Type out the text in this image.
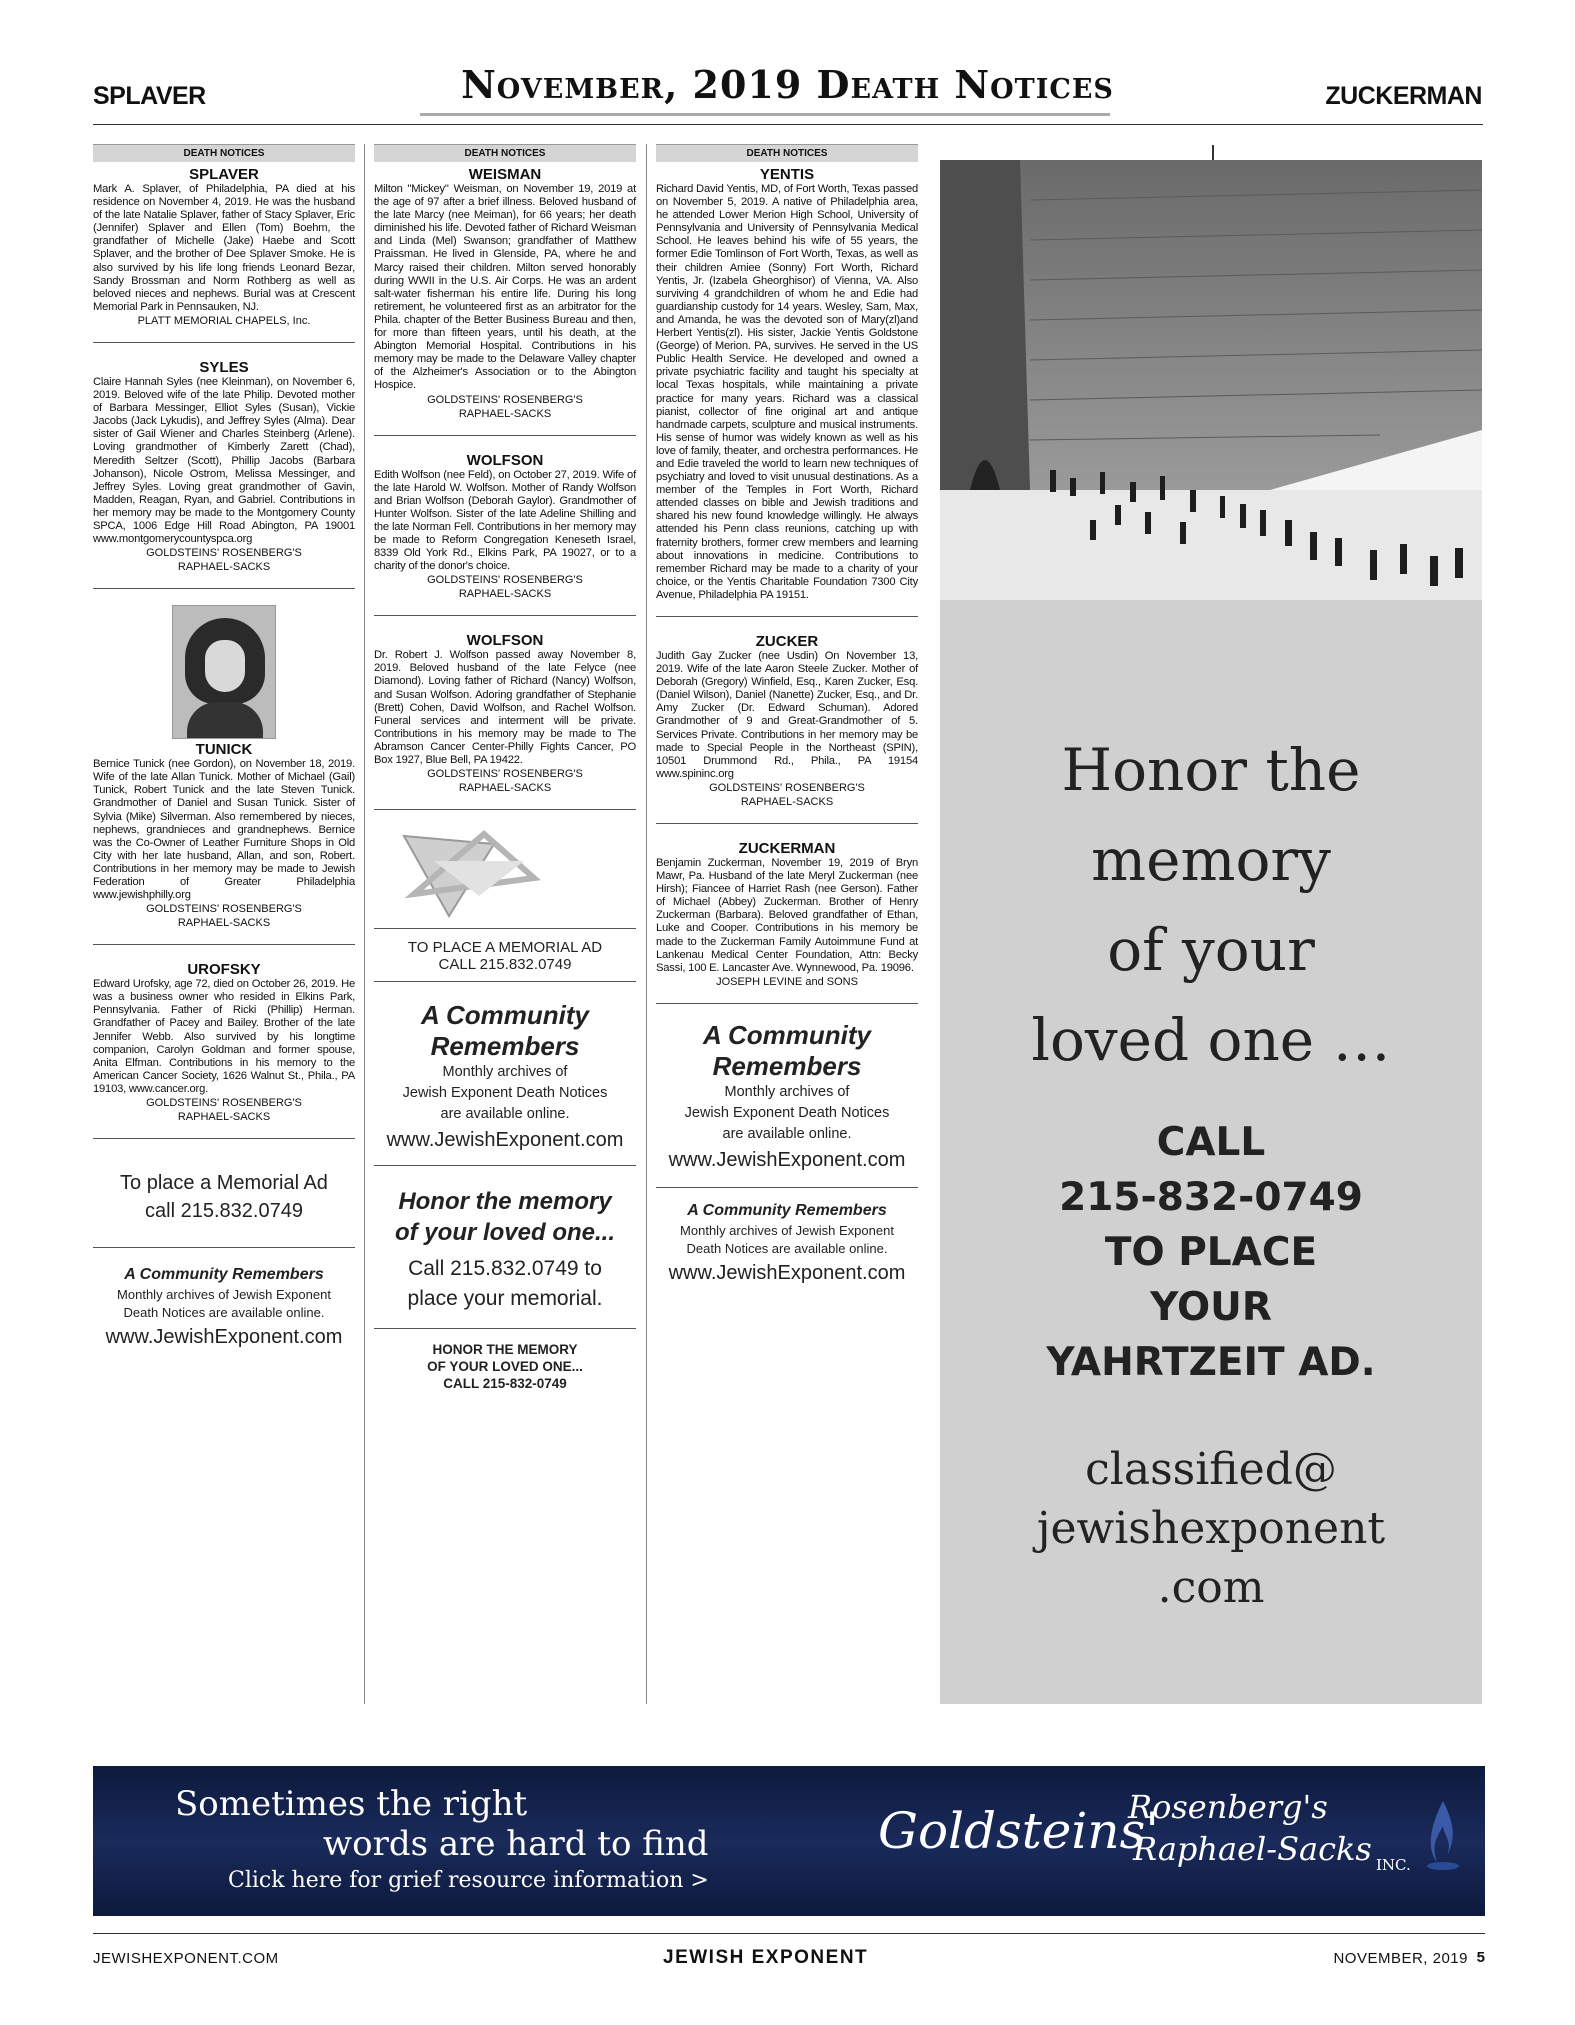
SPLAVER	November, 2019 Death Notices	ZUCKERMAN
DEATH NOTICES
SPLAVER

Mark A. Splaver, of Philadelphia, PA died at his residence on November 4, 2019. He was the husband of the late Natalie Splaver, father of Stacy Splaver, Eric (Jennifer) Splaver and Ellen (Tom) Boehm, the grandfather of Michelle (Jake) Haebe and Scott Splaver, and the brother of Dee Splaver Smoke. He is also survived by his life long friends Leonard Bezar, Sandy Brossman and Norm Rothberg as well as beloved nieces and nephews. Burial was at Crescent Memorial Park in Pennsauken, NJ.

PLATT MEMORIAL CHAPELS, Inc.
SYLES

Claire Hannah Syles (nee Kleinman), on November 6, 2019. Beloved wife of the late Philip. Devoted mother of Barbara Messinger, Elliot Syles (Susan), Vickie Jacobs (Jack Lykudis), and Jeffrey Syles (Alma). Dear sister of Gail Wiener and Charles Steinberg (Arlene). Loving grandmother of Kimberly Zarett (Chad), Meredith Seltzer (Scott), Phillip Jacobs (Barbara Johanson), Nicole Ostrom, Melissa Messinger, and Jeffrey Syles. Loving great grandmother of Gavin, Madden, Reagan, Ryan, and Gabriel. Contributions in her memory may be made to the Montgomery County SPCA, 1006 Edge Hill Road Abington, PA 19001 www.montgomerycountyspca.org

GOLDSTEINS' ROSENBERG'S
RAPHAEL-SACKS
TUNICK

Bernice Tunick (nee Gordon), on November 18, 2019. Wife of the late Allan Tunick. Mother of Michael (Gail) Tunick, Robert Tunick and the late Steven Tunick. Grandmother of Daniel and Susan Tunick. Sister of Sylvia (Mike) Silverman. Also remembered by nieces, nephews, grandnieces and grandnephews. Bernice was the Co-Owner of Leather Furniture Shops in Old City with her late husband, Allan, and son, Robert. Contributions in her memory may be made to Jewish Federation of Greater Philadelphia www.jewishphilly.org

GOLDSTEINS' ROSENBERG'S
RAPHAEL-SACKS
UROFSKY

Edward Urofsky, age 72, died on October 26, 2019. He was a business owner who resided in Elkins Park, Pennsylvania. Father of Ricki (Phillip) Herman. Grandfather of Pacey and Bailey. Brother of the late Jennifer Webb. Also survived by his longtime companion, Carolyn Goldman and former spouse, Anita Elfman. Contributions in his memory to the American Cancer Society, 1626 Walnut St., Phila., PA 19103, www.cancer.org.

GOLDSTEINS' ROSENBERG'S
RAPHAEL-SACKS
To place a Memorial Ad
call 215.832.0749
A Community Remembers
Monthly archives of Jewish Exponent
Death Notices are available online.
www.JewishExponent.com
DEATH NOTICES
WEISMAN

Milton "Mickey" Weisman, on November 19, 2019 at the age of 97 after a brief illness. Beloved husband of the late Marcy (nee Meiman), for 66 years; her death diminished his life. Devoted father of Richard Weisman and Linda (Mel) Swanson; grandfather of Matthew Praissman. He lived in Glenside, PA, where he and Marcy raised their children. Milton served honorably during WWII in the U.S. Air Corps. He was an ardent salt-water fisherman his entire life. During his long retirement, he volunteered first as an arbitrator for the Phila. chapter of the Better Business Bureau and then, for more than fifteen years, until his death, at the Abington Memorial Hospital. Contributions in his memory may be made to the Delaware Valley chapter of the Alzheimer's Association or to the Abington Hospice.

GOLDSTEINS' ROSENBERG'S
RAPHAEL-SACKS
WOLFSON

Edith Wolfson (nee Feld), on October 27, 2019. Wife of the late Harold W. Wolfson. Mother of Randy Wolfson and Brian Wolfson (Deborah Gaylor). Grandmother of Hunter Wolfson. Sister of the late Adeline Shilling and the late Norman Fell. Contributions in her memory may be made to Reform Congregation Keneseth Israel, 8339 Old York Rd., Elkins Park, PA 19027, or to a charity of the donor's choice.

GOLDSTEINS' ROSENBERG'S
RAPHAEL-SACKS
WOLFSON

Dr. Robert J. Wolfson passed away November 8, 2019. Beloved husband of the late Felyce (nee Diamond). Loving father of Richard (Nancy) Wolfson, and Susan Wolfson. Adoring grandfather of Stephanie (Brett) Cohen, David Wolfson, and Rachel Wolfson. Funeral services and interment will be private. Contributions in his memory may be made to The Abramson Cancer Center-Philly Fights Cancer, PO Box 1927, Blue Bell, PA 19422.

GOLDSTEINS' ROSENBERG'S
RAPHAEL-SACKS
TO PLACE A MEMORIAL AD
CALL 215.832.0749
A Community
Remembers
Monthly archives of
Jewish Exponent Death Notices
are available online.
www.JewishExponent.com
Honor the memory
of your loved one...
Call 215.832.0749 to
place your memorial.
HONOR THE MEMORY
OF YOUR LOVED ONE...
CALL 215-832-0749
DEATH NOTICES
YENTIS

Richard David Yentis, MD, of Fort Worth, Texas passed on November 5, 2019. A native of Philadelphia area, he attended Lower Merion High School, University of Pennsylvania and University of Pennsylvania Medical School. He leaves behind his wife of 55 years, the former Edie Tomlinson of Fort Worth, Texas, as well as their children Amiee (Sonny) Fort Worth, Richard Yentis, Jr. (Izabela Gheorghisor) of Vienna, VA. Also surviving 4 grandchildren of whom he and Edie had guardianship custody for 14 years. Wesley, Sam, Max, and Amanda, he was the devoted son of Mary(zl)and Herbert Yentis(zl). His sister, Jackie Yentis Goldstone (George) of Merion. PA, survives. He served in the US Public Health Service. He developed and owned a private psychiatric facility and taught his specialty at local Texas hospitals, while maintaining a private practice for many years. Richard was a classical pianist, collector of fine original art and antique handmade carpets, sculpture and musical instruments. His sense of humor was widely known as well as his love of family, theater, and orchestra performances. He and Edie traveled the world to learn new techniques of psychiatry and loved to visit unusual destinations. As a member of the Temples in Fort Worth, Richard attended classes on bible and Jewish traditions and shared his new found knowledge willingly. He always attended his Penn class reunions, catching up with fraternity brothers, former crew members and learning about innovations in medicine. Contributions to remember Richard may be made to a charity of your choice, or the Yentis Charitable Foundation 7300 City Avenue, Philadelphia PA 19151.

ZUCKER

Judith Gay Zucker (nee Usdin) On November 13, 2019. Wife of the late Aaron Steele Zucker. Mother of Deborah (Gregory) Winfield, Esq., Karen Zucker, Esq. (Daniel Wilson), Daniel (Nanette) Zucker, Esq., and Dr. Amy Zucker (Dr. Edward Schuman). Adored Grandmother of 9 and Great-Grandmother of 5. Services Private. Contributions in her memory may be made to Special People in the Northeast (SPIN), 10501 Drummond Rd., Phila., PA 19154 www.spininc.org

GOLDSTEINS' ROSENBERG'S
RAPHAEL-SACKS
ZUCKERMAN

Benjamin Zuckerman, November 19, 2019 of Bryn Mawr, Pa. Husband of the late Meryl Zuckerman (nee Hirsh); Fiancee of Harriet Rash (nee Gerson). Father of Michael (Abbey) Zuckerman. Brother of Henry Zuckerman (Barbara). Beloved grandfather of Ethan, Luke and Cooper. Contributions in his memory be made to the Zuckerman Family Autoimmune Fund at Lankenau Medical Center Foundation, Attn: Becky Sassi, 100 E. Lancaster Ave. Wynnewood, Pa. 19096.

JOSEPH LEVINE and SONS
A Community
Remembers
Monthly archives of
Jewish Exponent Death Notices
are available online.
www.JewishExponent.com
A Community Remembers
Monthly archives of Jewish Exponent
Death Notices are available online.
www.JewishExponent.com
Honor the
memory
of your
loved one …
CALL
215-832-0749
TO PLACE
YOUR
YAHRTZEIT AD.
classified@
jewishexponent
.com
Sometimes the right
words are hard to find
Click here for grief resource information >
Goldsteins'
Rosenberg's
Raphael-Sacks INC.
JEWISHEXPONENT.COM	JEWISH EXPONENT	NOVEMBER, 2019 5
